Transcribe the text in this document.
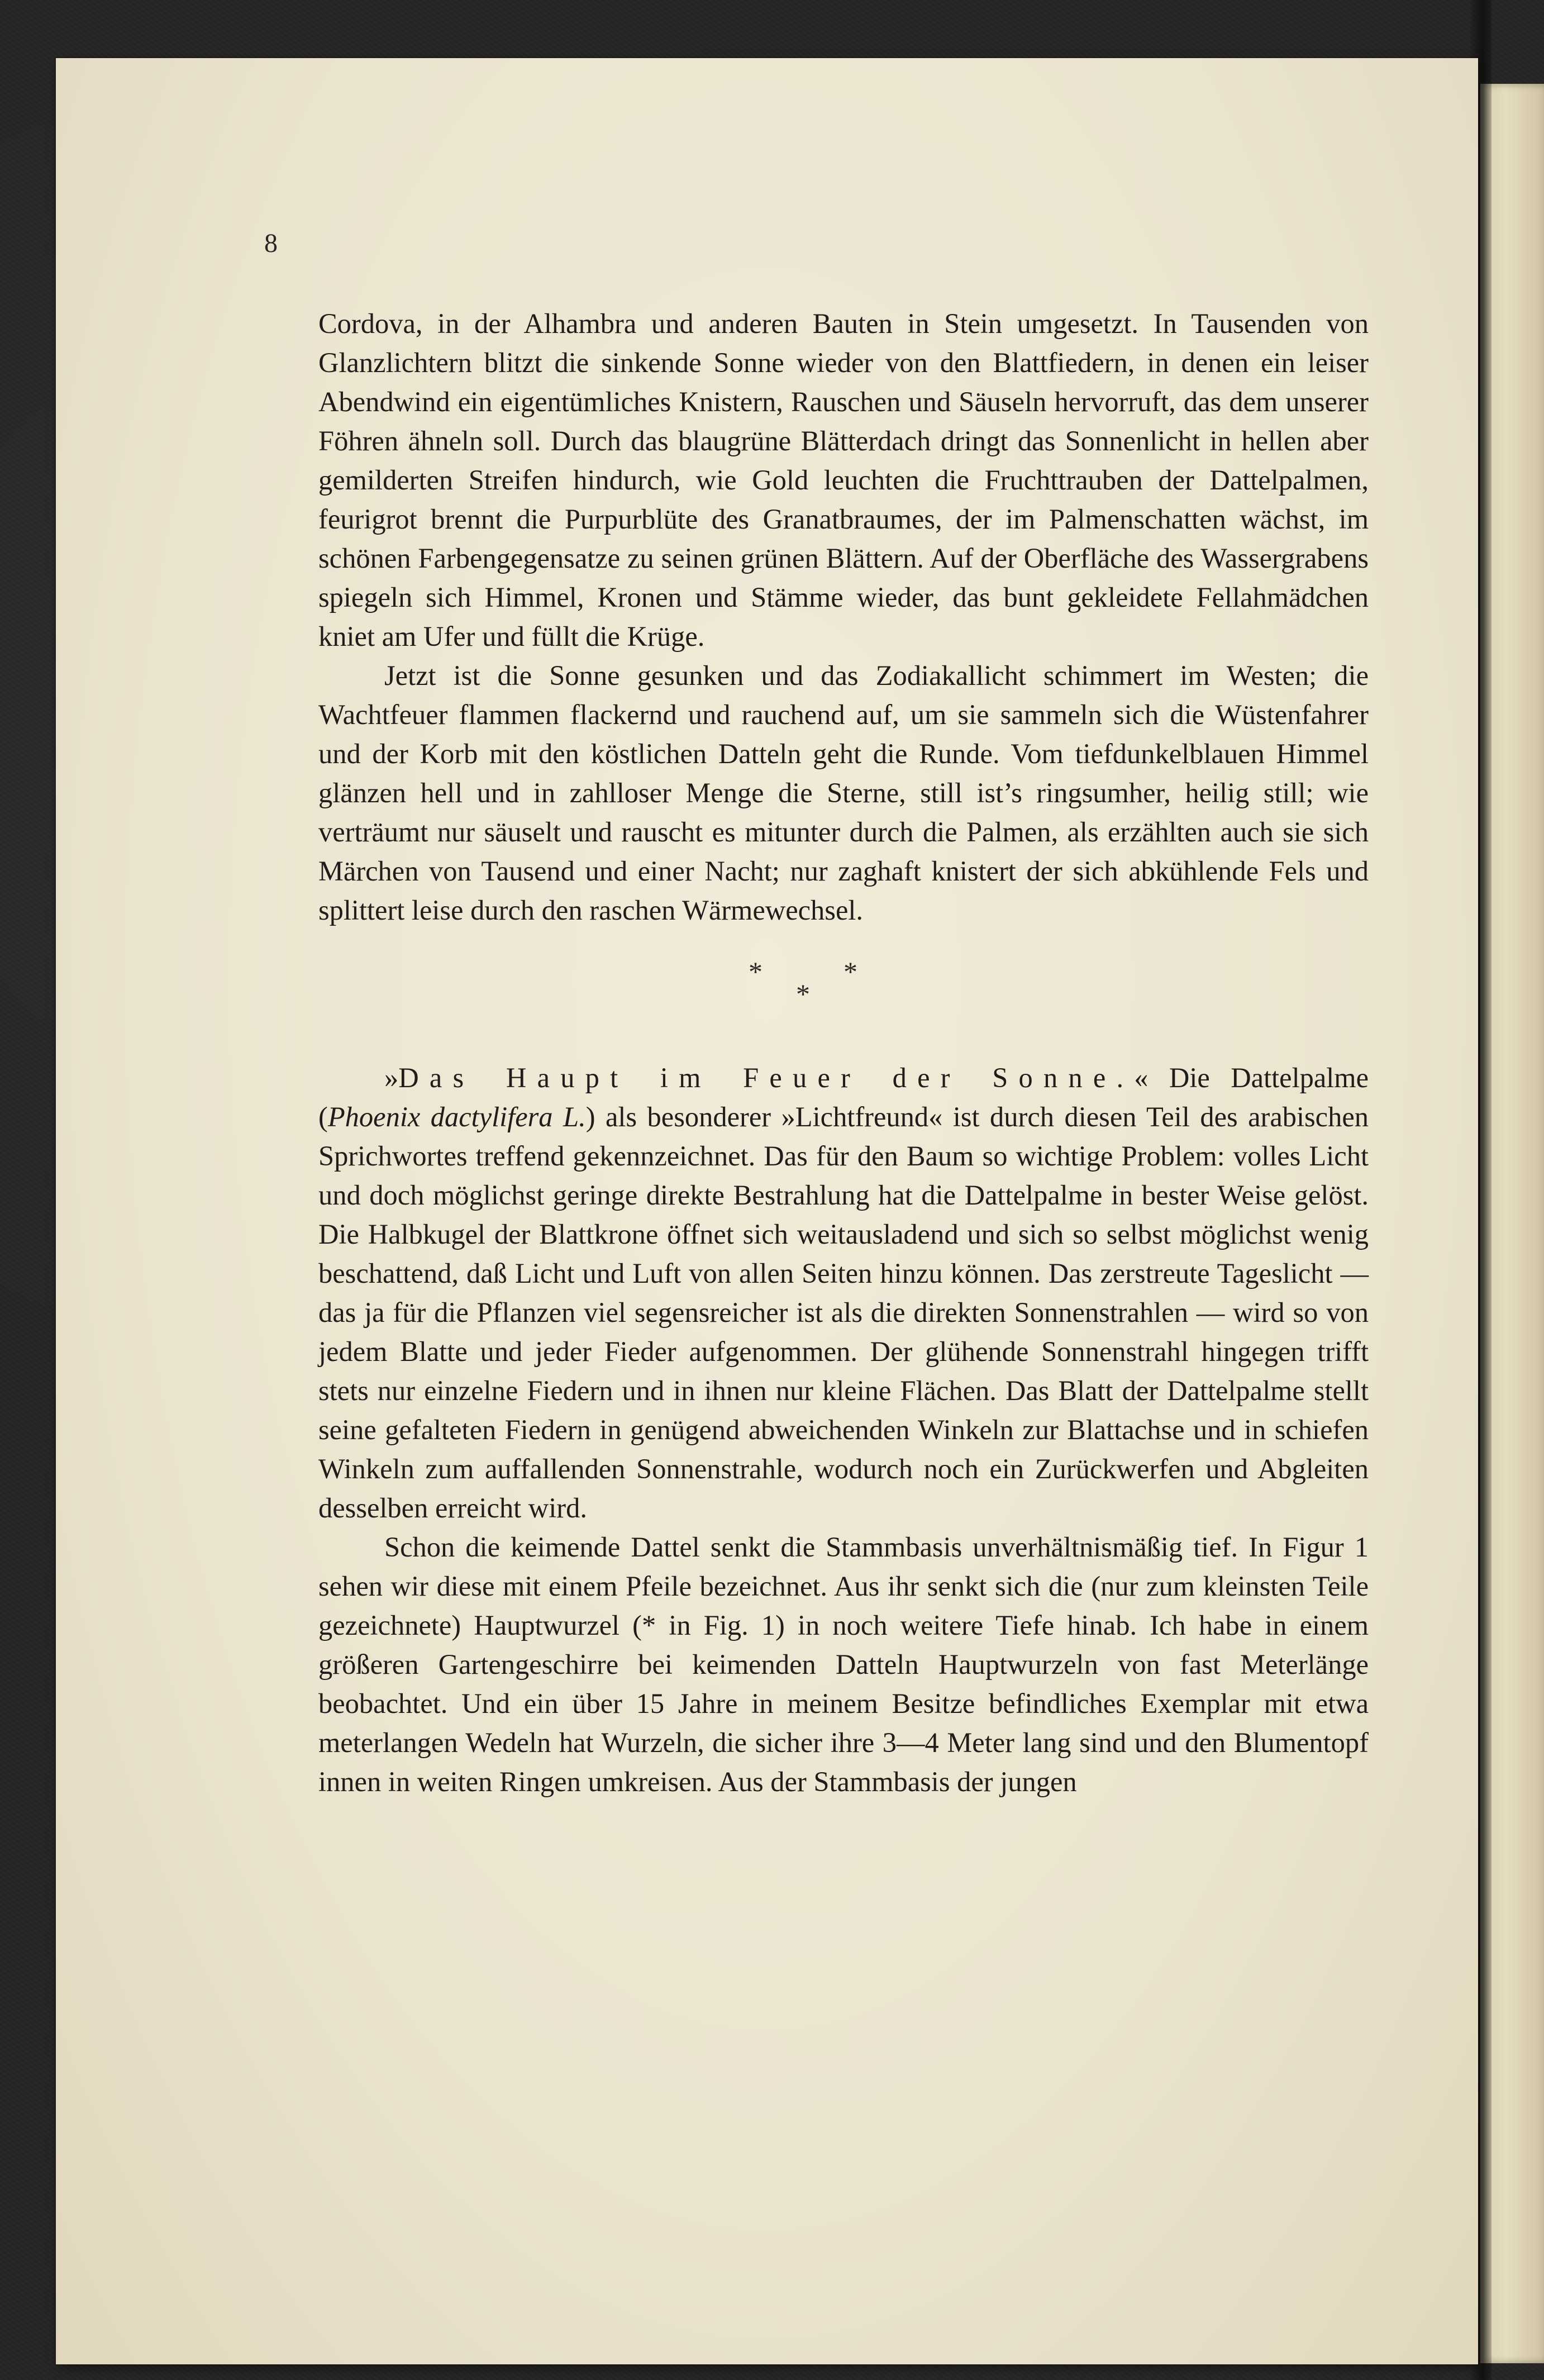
8

Cordova, in der Alhambra und anderen Bauten in Stein umgesetzt. In Tausenden von Glanzlichtern blitzt die sinkende Sonne wieder von den Blattfiedern, in denen ein leiser Abendwind ein eigentümliches Knistern, Rauschen und Säuseln hervorruft, das dem unserer Föhren ähneln soll. Durch das blaugrüne Blätterdach dringt das Sonnenlicht in hellen aber gemilderten Streifen hindurch, wie Gold leuchten die Fruchttrauben der Dattelpalmen, feurigrot brennt die Purpurblüte des Granatbraumes, der im Palmenschatten wächst, im schönen Farbengegensatze zu seinen grünen Blättern. Auf der Oberfläche des Wassergrabens spiegeln sich Himmel, Kronen und Stämme wieder, das bunt gekleidete Fellahmädchen kniet am Ufer und füllt die Krüge.

Jetzt ist die Sonne gesunken und das Zodiakallicht schimmert im Westen; die Wachtfeuer flammen flackernd und rauchend auf, um sie sammeln sich die Wüstenfahrer und der Korb mit den köstlichen Datteln geht die Runde. Vom tiefdunkelblauen Himmel glänzen hell und in zahlloser Menge die Sterne, still ist’s ringsumher, heilig still; wie verträumt nur säuselt und rauscht es mitunter durch die Palmen, als erzählten auch sie sich Märchen von Tausend und einer Nacht; nur zaghaft knistert der sich abkühlende Fels und splittert leise durch den raschen Wärmewechsel.

*	*
*

»Das Haupt im Feuer der Sonne.« Die Dattelpalme (Phoenix dactylifera L.) als besonderer »Lichtfreund« ist durch diesen Teil des arabischen Sprichwortes treffend gekennzeichnet. Das für den Baum so wichtige Problem: volles Licht und doch möglichst geringe direkte Bestrahlung hat die Dattelpalme in bester Weise gelöst. Die Halbkugel der Blattkrone öffnet sich weitausladend und sich so selbst möglichst wenig beschattend, daß Licht und Luft von allen Seiten hinzu können. Das zerstreute Tageslicht — das ja für die Pflanzen viel segensreicher ist als die direkten Sonnenstrahlen — wird so von jedem Blatte und jeder Fieder aufgenommen. Der glühende Sonnenstrahl hingegen trifft stets nur einzelne Fiedern und in ihnen nur kleine Flächen. Das Blatt der Dattelpalme stellt seine gefalteten Fiedern in genügend abweichenden Winkeln zur Blattachse und in schiefen Winkeln zum auffallenden Sonnenstrahle, wodurch noch ein Zurückwerfen und Abgleiten desselben erreicht wird.

Schon die keimende Dattel senkt die Stammbasis unverhältnismäßig tief. In Figur 1 sehen wir diese mit einem Pfeile bezeichnet. Aus ihr senkt sich die (nur zum kleinsten Teile gezeichnete) Hauptwurzel (* in Fig. 1) in noch weitere Tiefe hinab. Ich habe in einem größeren Gartengeschirre bei keimenden Datteln Hauptwurzeln von fast Meterlänge beobachtet. Und ein über 15 Jahre in meinem Besitze befindliches Exemplar mit etwa meterlangen Wedeln hat Wurzeln, die sicher ihre 3—4 Meter lang sind und den Blumentopf innen in weiten Ringen umkreisen. Aus der Stammbasis der jungen
